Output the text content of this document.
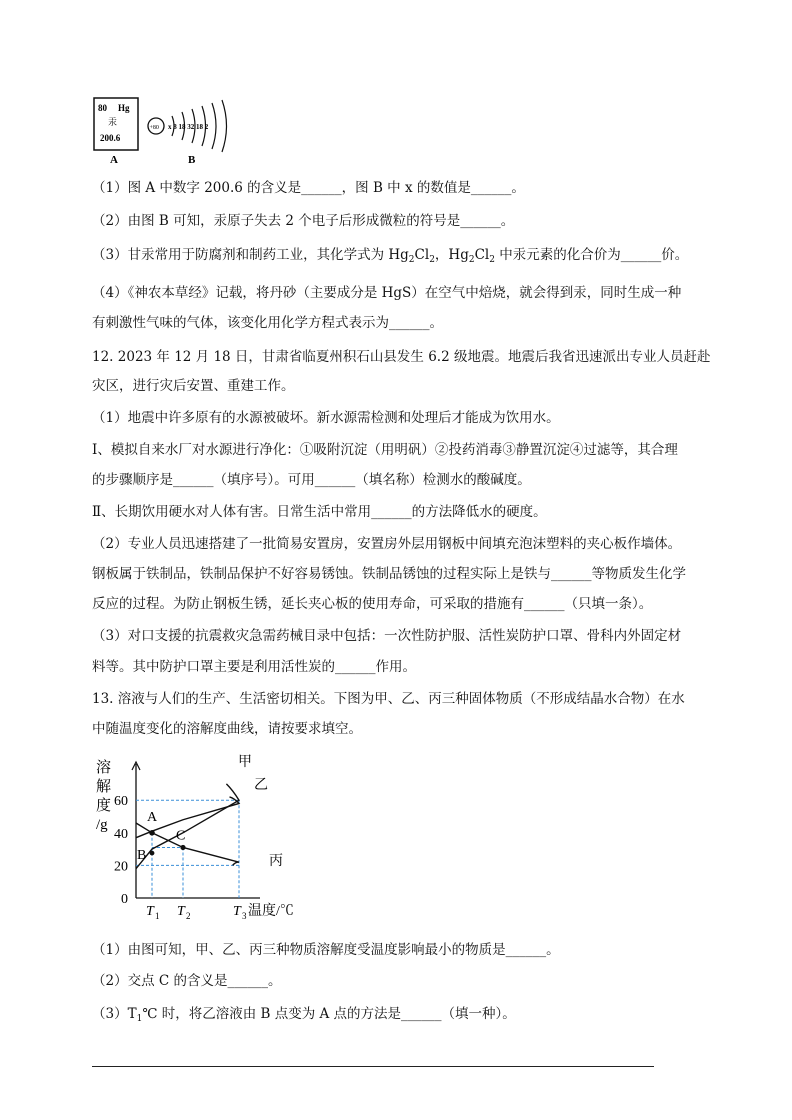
80 Hg
汞
200.6
A
+80 x 8 18 32 18 2
B
（1）图 A 中数字 200.6 的含义是______，图 B 中 x 的数值是______。
（2）由图 B 可知，汞原子失去 2 个电子后形成微粒的符号是______。
（3）甘汞常用于防腐剂和制药工业，其化学式为 $Hg_2Cl_2$，$Hg_2Cl_2$ 中汞元素的化合价为______价。
（4）《神农本草经》记载，将丹砂（主要成分是 HgS）在空气中焙烧，就会得到汞，同时生成一种
有刺激性气味的气体，该变化用化学方程式表示为______。
12. 2023 年 12 月 18 日，甘肃省临夏州积石山县发生 6.2 级地震。地震后我省迅速派出专业人员赶赴
灾区，进行灾后安置、重建工作。
（1）地震中许多原有的水源被破坏。新水源需检测和处理后才能成为饮用水。
Ⅰ、模拟自来水厂对水源进行净化：①吸附沉淀（用明矾）②投药消毒③静置沉淀④过滤等，其合理
的步骤顺序是______（填序号）。可用______（填名称）检测水的酸碱度。
Ⅱ、长期饮用硬水对人体有害。日常生活中常用______的方法降低水的硬度。
（2）专业人员迅速搭建了一批简易安置房，安置房外层用钢板中间填充泡沫塑料的夹心板作墙体。
钢板属于铁制品，铁制品保护不好容易锈蚀。铁制品锈蚀的过程实际上是铁与______等物质发生化学
反应的过程。为防止钢板生锈，延长夹心板的使用寿命，可采取的措施有______（只填一条）。
（3）对口支援的抗震救灾急需药械目录中包括：一次性防护服、活性炭防护口罩、骨科内外固定材
料等。其中防护口罩主要是利用活性炭的______作用。
13. 溶液与人们的生产、生活密切相关。下图为甲、乙、丙三种固体物质（不形成结晶水合物）在水
中随温度变化的溶解度曲线，请按要求填空。
溶
解
度
/g
0
20
40
60
T 1 T 2	T 3 温度/℃
甲
乙
丙
A
B
C
（1）由图可知，甲、乙、丙三种物质溶解度受温度影响最小的物质是______。
（2）交点 C 的含义是______。
$(3)T_1℃$ 时，将乙溶液由 B 点变为 A 点的方法是______（填一种）。
